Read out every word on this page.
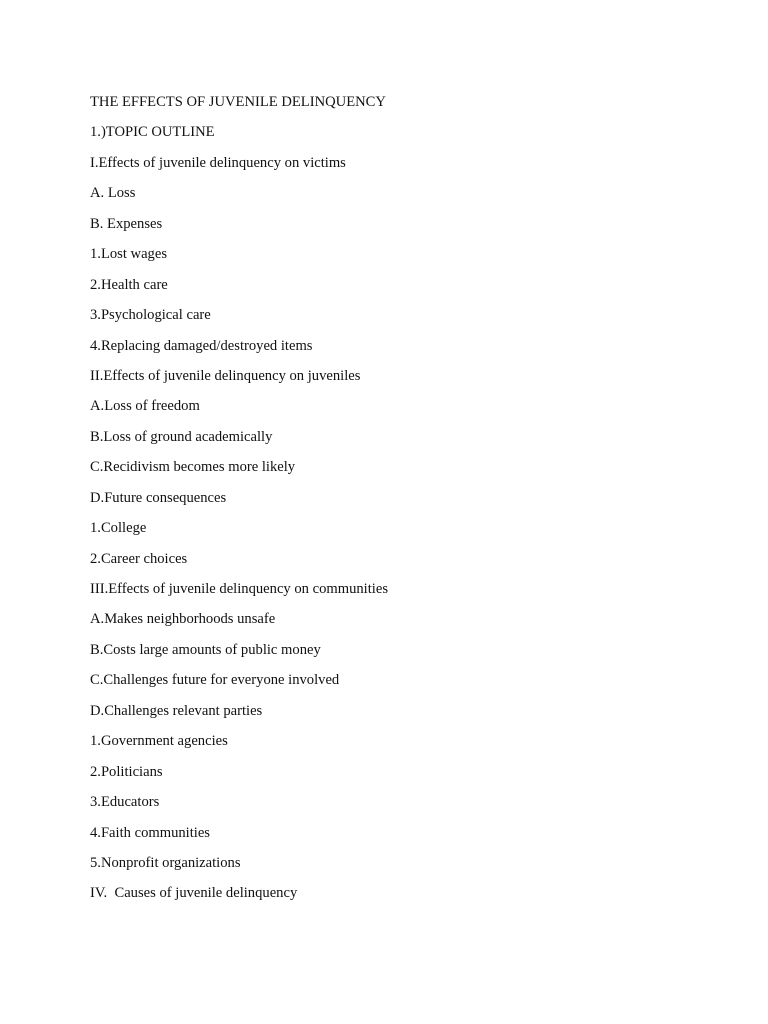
THE EFFECTS OF JUVENILE DELINQUENCY
1.)TOPIC OUTLINE
I.Effects of juvenile delinquency on victims
A. Loss
B. Expenses
1.Lost wages
2.Health care
3.Psychological care
4.Replacing damaged/destroyed items
II.Effects of juvenile delinquency on juveniles
A.Loss of freedom
B.Loss of ground academically
C.Recidivism becomes more likely
D.Future consequences
1.College
2.Career choices
III.Effects of juvenile delinquency on communities
A.Makes neighborhoods unsafe
B.Costs large amounts of public money
C.Challenges future for everyone involved
D.Challenges relevant parties
1.Government agencies
2.Politicians
3.Educators
4.Faith communities
5.Nonprofit organizations
IV.  Causes of juvenile delinquency
